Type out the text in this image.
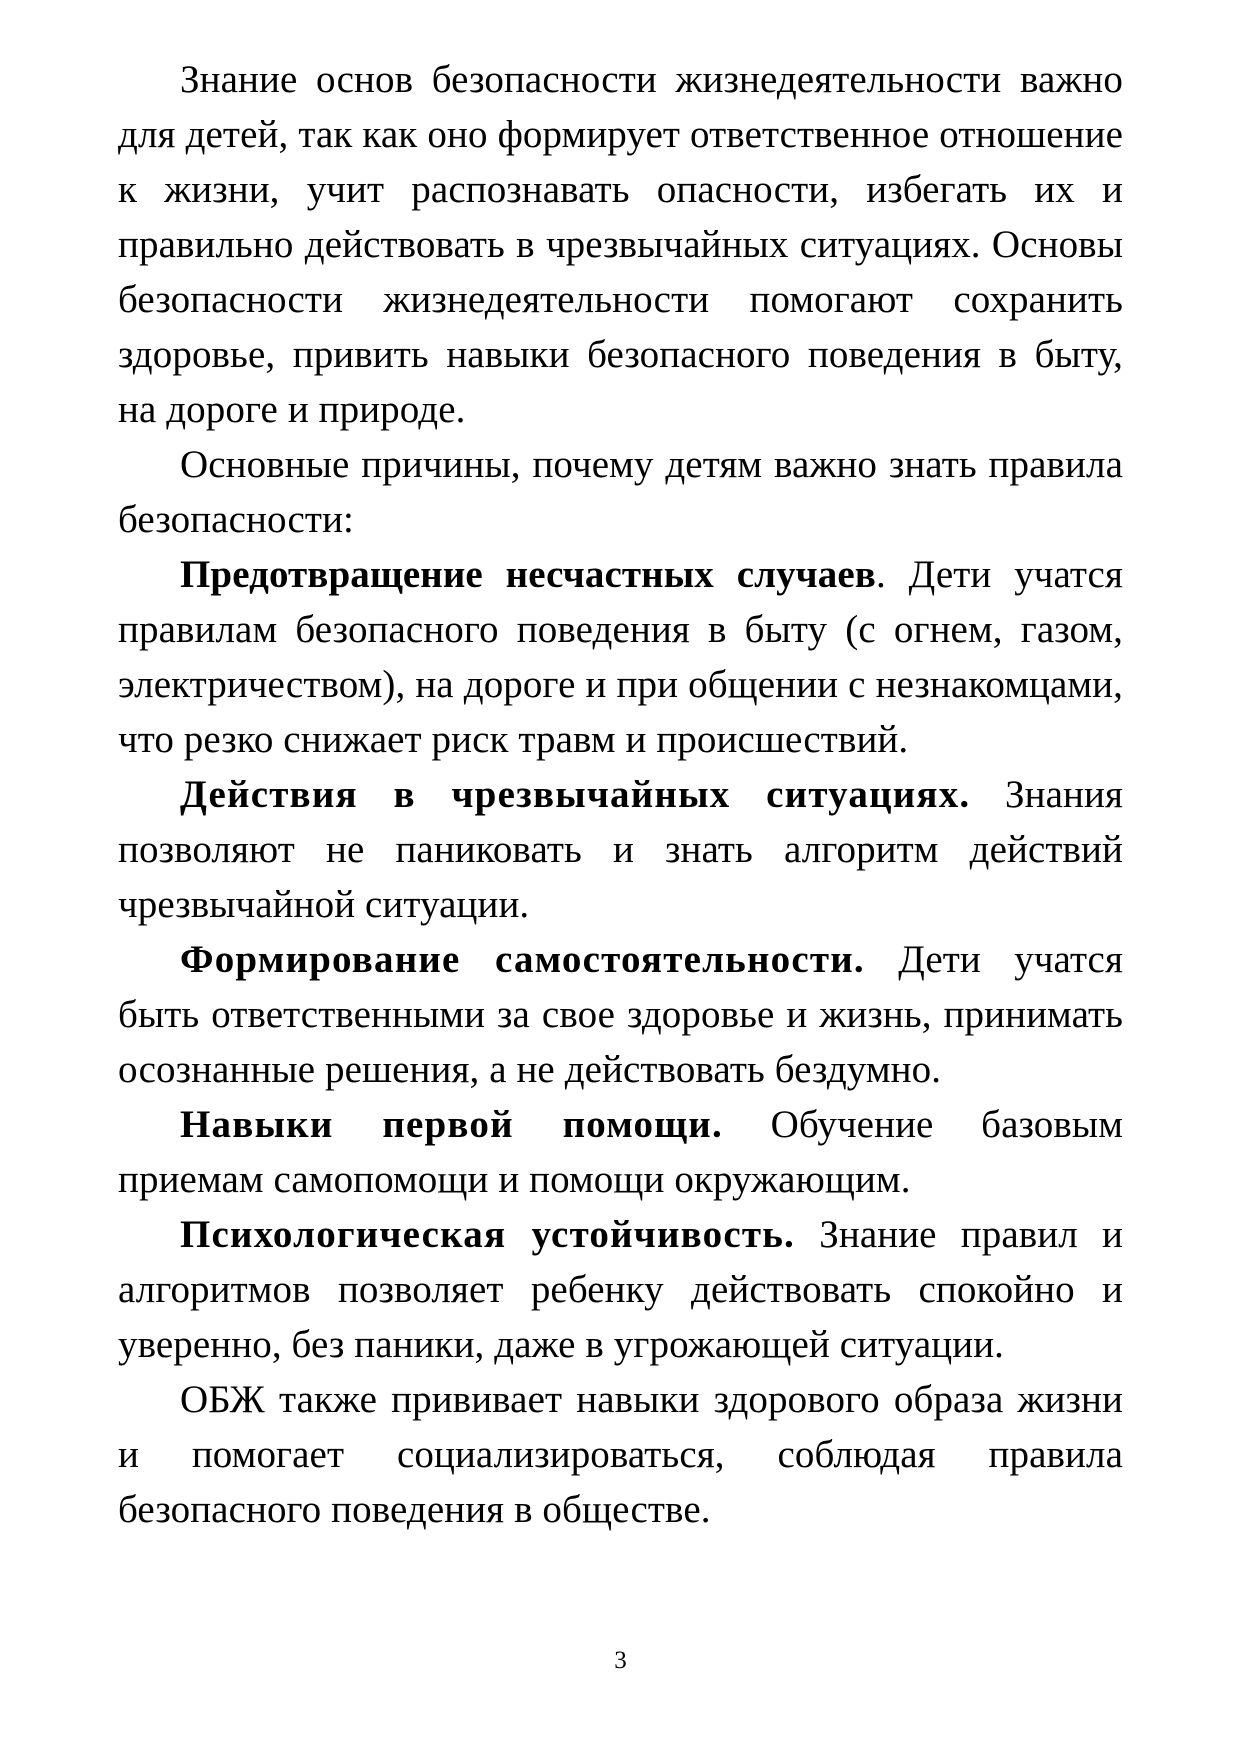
Знание основ безопасности жизнедеятельности важно для детей, так как оно формирует ответственное отношение к жизни, учит распознавать опасности, избегать их и правильно действовать в чрезвычайных ситуациях. Основы безопасности жизнедеятельности помогают сохранить здоровье, привить навыки безопасного поведения в быту, на дороге и природе.

Основные причины, почему детям важно знать правила безопасности:

Предотвращение несчастных случаев. Дети учатся правилам безопасного поведения в быту (с огнем, газом, электричеством), на дороге и при общении с незнакомцами, что резко снижает риск травм и происшествий.

Действия в чрезвычайных ситуациях. Знания позволяют не паниковать и знать алгоритм действий чрезвычайной ситуации.

Формирование самостоятельности. Дети учатся быть ответственными за свое здоровье и жизнь, принимать осознанные решения, а не действовать бездумно.

Навыки первой помощи. Обучение базовым приемам самопомощи и помощи окружающим.

Психологическая устойчивость. Знание правил и алгоритмов позволяет ребенку действовать спокойно и уверенно, без паники, даже в угрожающей ситуации.

ОБЖ также прививает навыки здорового образа жизни и помогает социализироваться, соблюдая правила безопасного поведения в обществе.

3
